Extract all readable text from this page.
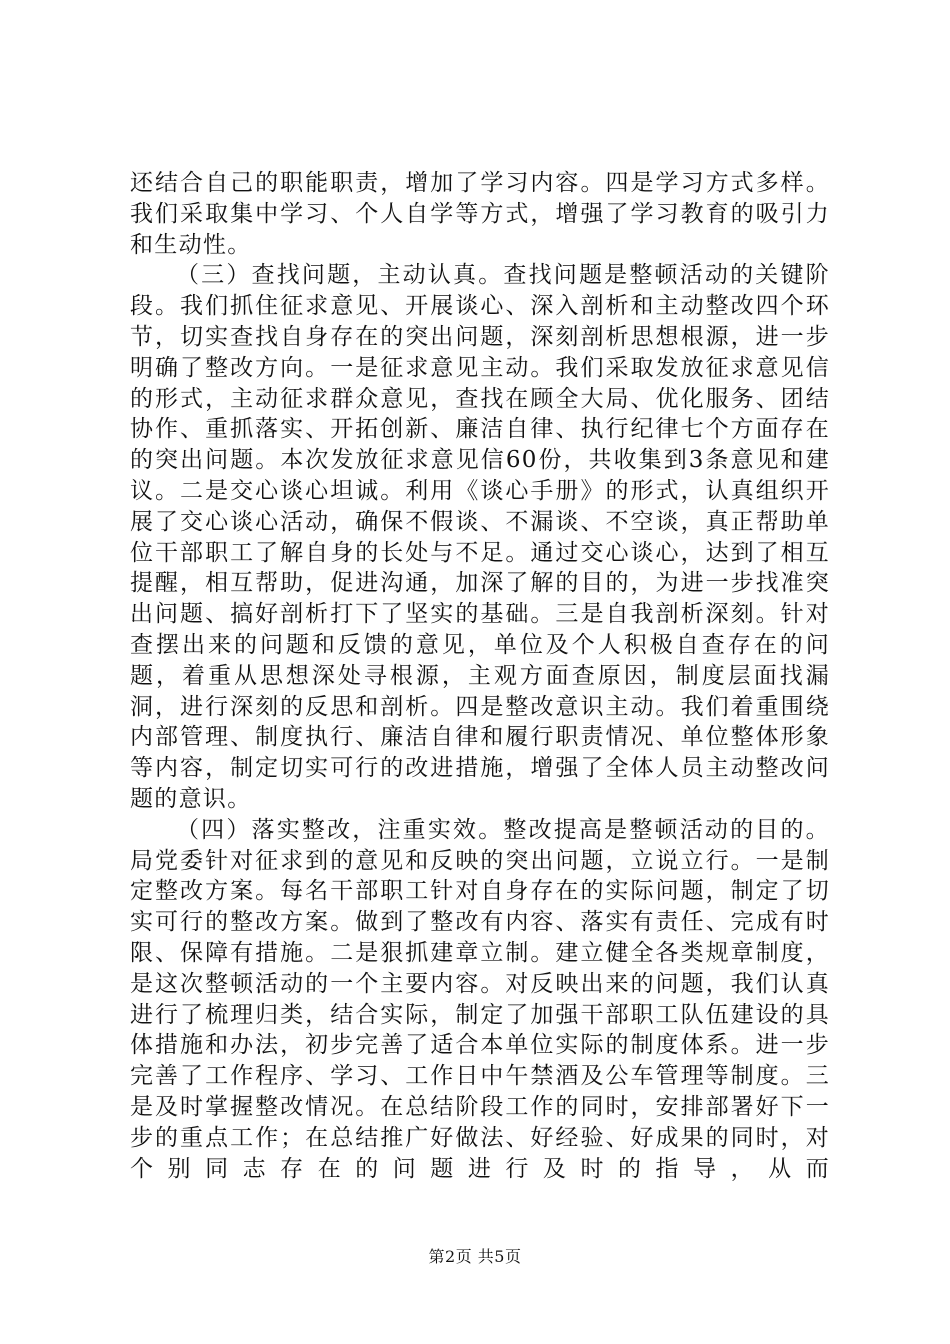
还结合自己的职能职责，增加了学习内容。四是学习方式多样。我们采取集中学习、个人自学等方式，增强了学习教育的吸引力和生动性。

（三）查找问题，主动认真。查找问题是整顿活动的关键阶段。我们抓住征求意见、开展谈心、深入剖析和主动整改四个环节，切实查找自身存在的突出问题，深刻剖析思想根源，进一步明确了整改方向。一是征求意见主动。我们采取发放征求意见信的形式，主动征求群众意见，查找在顾全大局、优化服务、团结协作、重抓落实、开拓创新、廉洁自律、执行纪律七个方面存在的突出问题。本次发放征求意见信60份，共收集到3条意见和建议。二是交心谈心坦诚。利用《谈心手册》的形式，认真组织开展了交心谈心活动，确保不假谈、不漏谈、不空谈，真正帮助单位干部职工了解自身的长处与不足。通过交心谈心，达到了相互提醒，相互帮助，促进沟通，加深了解的目的，为进一步找准突出问题、搞好剖析打下了坚实的基础。三是自我剖析深刻。针对查摆出来的问题和反馈的意见，单位及个人积极自查存在的问题，着重从思想深处寻根源，主观方面查原因，制度层面找漏洞，进行深刻的反思和剖析。四是整改意识主动。我们着重围绕内部管理、制度执行、廉洁自律和履行职责情况、单位整体形象等内容，制定切实可行的改进措施，增强了全体人员主动整改问题的意识。

（四）落实整改，注重实效。整改提高是整顿活动的目的。局党委针对征求到的意见和反映的突出问题，立说立行。一是制定整改方案。每名干部职工针对自身存在的实际问题，制定了切实可行的整改方案。做到了整改有内容、落实有责任、完成有时限、保障有措施。二是狠抓建章立制。建立健全各类规章制度，是这次整顿活动的一个主要内容。对反映出来的问题，我们认真进行了梳理归类，结合实际，制定了加强干部职工队伍建设的具体措施和办法，初步完善了适合本单位实际的制度体系。进一步完善了工作程序、学习、工作日中午禁酒及公车管理等制度。三是及时掌握整改情况。在总结阶段工作的同时，安排部署好下一步的重点工作；在总结推广好做法、好经验、好成果的同时，对个别同志存在的问题进行及时的指导，从而

第2页 共5页
